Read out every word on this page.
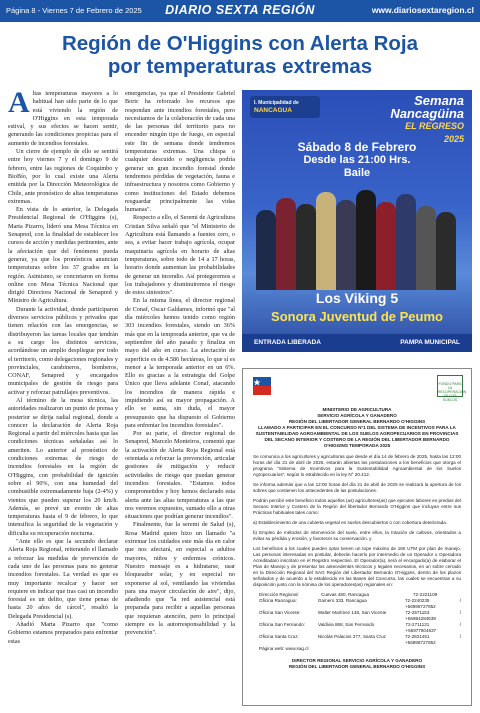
Página 8 - Viernes 7 de Febrero de 2025	DIARIO SEXTA REGIÓN	www.diariosextaregion.cl
Región de O'Higgins con Alerta Roja
por temperaturas extremas

Altas temperaturas mayores a lo habitual han sido parte de lo que está viviendo la región de O'Higgins en esta temporada estival, y sus efectos se hacen sentir, generando las condiciones propicias para el aumento de incendios forestales.

Un cierre de ejemplo de ello se sentirá entre hoy viernes 7 y el domingo 9 de febrero, entre las regiones de Coquimbo y BioBío, por lo cual existe una Alerta emitida por la Dirección Meteorológica de Chile, ante pronóstico de altas temperaturas extremas.

En vista de lo anterior, la Delegada Presidencial Regional de O'Higgins (s), Marta Pizarro, lideró una Mesa Técnica en Senapred, con la finalidad de establecer los cursos de acción y medidas pertinentes, ante la afectación que del fenómeno pueda generar, ya que los pronósticos anuncian temperaturas sobre los 37 grados en la región. Asimismo, se concretaron en forma online con Mesa Técnica Nacional que dirigió Directora Nacional de Senapred y Ministro de Agricultura.

Durante la actividad, donde participaron diversos servicios públicos y privados que tienen relación con las emergencias, se distribuyeron las tareas locales que tendrán a su cargo los distintos servicios, acordándose un amplio despliegue por todo el territorio, como delegaciones regionales y provinciales, carabineros, bomberos, CONAF, Senapred y encargados municipales de gestión de riesgo para activar y reforzar patrullajes preventivos.

Al término de la mesa técnica, las autoridades realizaron un punto de prensa y posterior se dirija radial regional, donde a conocer la declaración de Alerta Roja Regional a partir del miércoles hasta que las condiciones técnicas señaladas así lo ameriten. Lo anterior al pronóstico de condiciones extremas de riesgo de incendios forestales en la región de O'Higgins, con probabilidad de ignición sobre el 90%, con una humedad del combustible extremadamente baja (2-4%) y vientos que pueden superar los 20 km/h. Además, se prevé un evento de altas temperaturas hasta el 9 de febrero, lo que intensifica la seguridad de la vegetación y dificulta su recuperación nocturna.

"Ante ello es que la secundo declarar Alerta Roja Regional, reiterando el llamado a reforzar las medidas de prevención de cada uno de las personas para no generar incendios forestales. La verdad es que es muy importante recalcar y hacer ser requiere en indicar que tras casi un incendio forestal es un delito, que tiene penas de hasta 20 años de cárcel", resaltó la Delegada Presidencial (s).

Añadió Marta Pizarro que "como Gobierno estamos preparados para enfrentar estas

emergencias, ya que el Presidente Gabriel Boric ha reforzado los recursos que respondan ante incendios forestales, pero necesitamos de la colaboración de cada una de las personas del territorio para no encender ningún tipo de fuego, en especial este fin de semana donde tendremos temperaturas extremas. Una chispa o cualquier descuido o negligencia podría generar un gran incendio forestal donde tendremos pérdidas de vegetación, fauna e infraestructura y nosotros como Gobierno y como instituciones del Estado debemos resguardar principalmente las vidas humanas".

Respecto a ello, el Seremi de Agricultura Cristian Silva señaló que "el Ministerio de Agricultura está llamando a fuentes cero, o sea, a evitar hacer trabajo agrícola, ocupar maquinaria agrícola en horario de altas temperaturas, sobre todo de 14 a 17 horas, horario donde aumentan las probabilidades de generar un incendio. Así protegeremos a los trabajadores y disminuiremos el riesgo de estos siniestros".

En la misma línea, el director regional de Conaf, Oscar Galdames, informó que "al día miércoles hemos tenido como región 303 incendios forestales, siendo un 36% más que en la temporada anterior, que va de septiembre del año pasado y finaliza en mayo del año en curso. La afectación de superficie es de 4.586 hectáreas, lo que sí es menor a la temporada anterior en un 6%. Ello es gracias a la estrategia del Golpe Único que lleva adelante Conaf, atacando los incendios de manera rápida e impidiendo así su mayor propagación. A ello se suma, sin duda, el mayor presupuesto que ha dispuesto el Gobierno para enfrentar los incendios forestales".

Por su parte, el director regional de Senapred, Marcelo Monteiros, comentó que la activación de Alerta Roja Regional está orientada a reforzar la prevención, articular gestiones de mitigación y reducir actividades de riesgo que puedan generar incendios forestales. "Estamos todos comprometidos y hoy hemos declarado esta alerta ante las altas temperaturas a las que nos veremos expuestos, sumado ello a otras situaciones que podrían generar incendios".

Finalmente, fue la seremi de Salud (s), Rosa Madrid quien hizo un llamado "a extremar los cuidados este más día en calor que nos afectará, en especial a adultos mayores, niños y enfermos crónicos. Nuestro mensaje es a hidratarse, usar bloqueador solar, y en especial no exponerse al sol, ventilando las viviendas para una mayor circulación de aire", dijo, añadiendo que "la red asistencial está preparada para recibir a aquellas personas que requieran atención, pero lo principal siempre es la autorresponsabilidad y la prevención".

I. Municipalidad de
NANCAGUA
Semana Nancagüina
EL REGRESO 2025
Sábado 8 de Febrero
Desde las 21:00 Hrs.
Baile
Los Viking 5
Sonora Juventud de Peumo
ENTRADA LIBERADA	PAMPA MUNICIPAL
FONDO PARA LA RECUPERACIÓN DE LOS SUELOS
MINISTERIO DE AGRICULTURA
SERVICIO AGRÍCOLA Y GANADERO
REGIÓN DEL LIBERTADOR GENERAL BERNARDO O'HIGGINS
LLAMADO A PARTICIPAR EN EL CONCURSO N°1 DEL SISTEMA DE INCENTIVOS PARA LA SUSTENTABILIDAD AGROAMBIENTAL DE LOS SUELOS AGROPECUARIOS EN PROVINCIAS DEL SECANO INTERIOR Y COSTERO DE LA REGIÓN DEL LIBERTADOR BERNARDO O'HIGGINS TEMPORADA 2025

Se comunica a los agricultores y agricultoras que desde el día 14 de febrero de 2025, hasta las 12:00 horas del día 21 de abril de 2025, estarán abiertas las postulaciones a los beneficios que otorga el programa "Sistema de Incentivos para la Sustentabilidad Agroambiental de los Suelos Agropecuarios", según lo establecido en la ley N° 20.412.

Se informa además que a las 12:00 horas del día 21 de abril de 2025 se realizará la apertura de los sobres que contienen los antecedentes de las postulaciones.

Podrán percibir este beneficio todos aquellos (as) agricultores(as) que ejecuten labores en predios del Secano Interior y Costero de la Región del libertador Bernardo O'Higgins que incluyan entre sus Prácticas habituales tales como:

a) Establecimiento de una cubierta vegetal en suelos descubiertos o con cobertura deteriorada.

b) Empleo de métodos de intervención del suelo, entre ellos, la rotación de cultivos, orientados a evitar su pérdida y erosión, y favorecer su conservación. y

Los beneficios a los cuales pueden optar tienen un tope máximo de 160 UTM por plan de manejo. Las personas interesadas en postular, deberán hacerlo por intermedio de un Operador u Operadora Acreditada/o inscrita/o en el Registro respectivo. El Operador(a), será el encargado(a) de elaborar el Plan de Manejo y de presentar los antecedentes técnicos y legales necesarios, en un sobre cerrado en la Dirección Regional del SAG Región del Libertador Bernardo O'Higgins, dentro de los plazos señalados y de acuerdo a lo establecido en las Bases del Concurso, las cuales se encuentran a su disposición junto con la nómina de los operadores(as) regionales en:

Dirección Regional:	Cuevas 480, Rancagua	72-2221109
Oficina Rancagua:	Gamero 333, Rancagua	72-2240235 / +56998727852
Oficina San Vicente:	Walter Martínez 148, San Vicente	72-2571153 / +56984284538
Oficina San Fernando:	Valdivia 868, San Fernando	72-2711131 / +56977604637
Oficina Santa Cruz:	Nicolás Palacios 277, Santa Cruz	72-2821451 / +56998727852
Página web: www.sag.cl
DIRECTOR REGIONAL SERVICIO AGRÍCOLA Y GANADERO
REGIÓN DEL LIBERTADOR GENERAL BERNARDO O'HIGGINS
